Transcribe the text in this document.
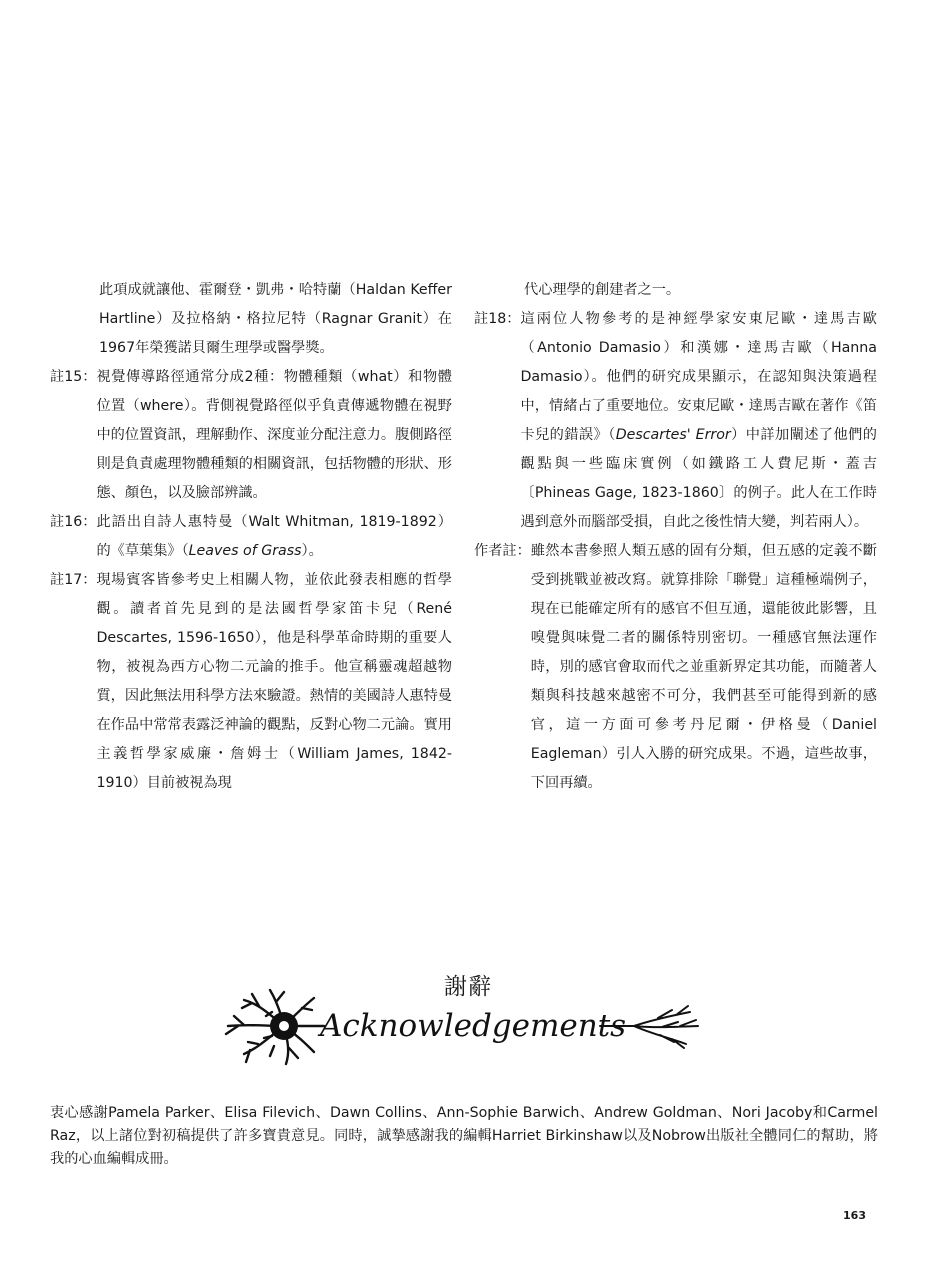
此項成就讓他、霍爾登・凱弗・哈特蘭（Haldan Keffer Hartline）及拉格納・格拉尼特（Ragnar Granit）在1967年榮獲諾貝爾生理學或醫學獎。
註15： 視覺傳導路徑通常分成2種：物體種類（what）和物體位置（where）。背側視覺路徑似乎負責傳遞物體在視野中的位置資訊，理解動作、深度並分配注意力。腹側路徑則是負責處理物體種類的相關資訊，包括物體的形狀、形態、顏色，以及臉部辨識。
註16： 此語出自詩人惠特曼（Walt Whitman, 1819-1892）的《草葉集》（Leaves of Grass）。
註17： 現場賓客皆參考史上相關人物，並依此發表相應的哲學觀。讀者首先見到的是法國哲學家笛卡兒（René Descartes, 1596-1650），他是科學革命時期的重要人物，被視為西方心物二元論的推手。他宣稱靈魂超越物質，因此無法用科學方法來驗證。熱情的美國詩人惠特曼在作品中常常表露泛神論的觀點，反對心物二元論。實用主義哲學家威廉・詹姆士（William James, 1842-1910）目前被視為現
代心理學的創建者之一。
註18： 這兩位人物參考的是神經學家安東尼歐・達馬吉歐（Antonio Damasio）和漢娜・達馬吉歐（Hanna Damasio）。他們的研究成果顯示，在認知與決策過程中，情緒占了重要地位。安東尼歐・達馬吉歐在著作《笛卡兒的錯誤》（Descartes' Error）中詳加闡述了他們的觀點與一些臨床實例（如鐵路工人費尼斯・蓋吉〔Phineas Gage, 1823-1860〕的例子。此人在工作時遇到意外而腦部受損，自此之後性情大變，判若兩人）。
作者註： 雖然本書參照人類五感的固有分類，但五感的定義不斷受到挑戰並被改寫。就算排除「聯覺」這種極端例子，現在已能確定所有的感官不但互通，還能彼此影響，且嗅覺與味覺二者的關係特別密切。一種感官無法運作時，別的感官會取而代之並重新界定其功能，而隨著人類與科技越來越密不可分，我們甚至可能得到新的感官，這一方面可參考丹尼爾・伊格曼（Daniel Eagleman）引人入勝的研究成果。不過，這些故事，下回再續。
謝辭
Acknowledgements
衷心感謝Pamela Parker、Elisa Filevich、Dawn Collins、Ann-Sophie Barwich、Andrew Goldman、Nori Jacoby和Carmel Raz，以上諸位對初稿提供了許多寶貴意見。同時，誠摯感謝我的編輯Harriet Birkinshaw以及Nobrow出版社全體同仁的幫助，將我的心血編輯成冊。
163
